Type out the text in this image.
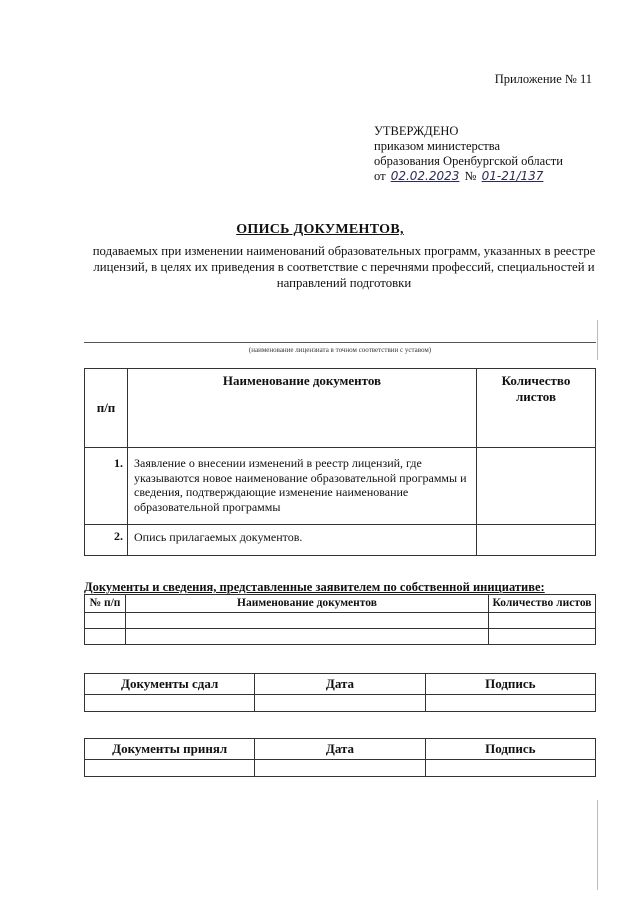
Приложение № 11
УТВЕРЖДЕНО
приказом министерства
образования Оренбургской области
от 02.02.2023 № 01-21/137
ОПИСЬ ДОКУМЕНТОВ,
подаваемых при изменении наименований образовательных программ, указанных в реестре лицензий, в целях их приведения в соответствие с перечнями профессий, специальностей и направлений подготовки
(наименование лицензиата в точном соответствии с уставом)
п/п	Наименование документов	Количество листов
1.	Заявление о внесении изменений в реестр лицензий, где указываются новое наименование образовательной программы и сведения, подтверждающие изменение наименование образовательной программы	
2.	Опись прилагаемых документов.	
Документы и сведения, представленные заявителем по собственной инициативе:
№ п/п	Наименование документов	Количество листов

Документы сдал	Дата	Подпись

Документы принял	Дата	Подпись
